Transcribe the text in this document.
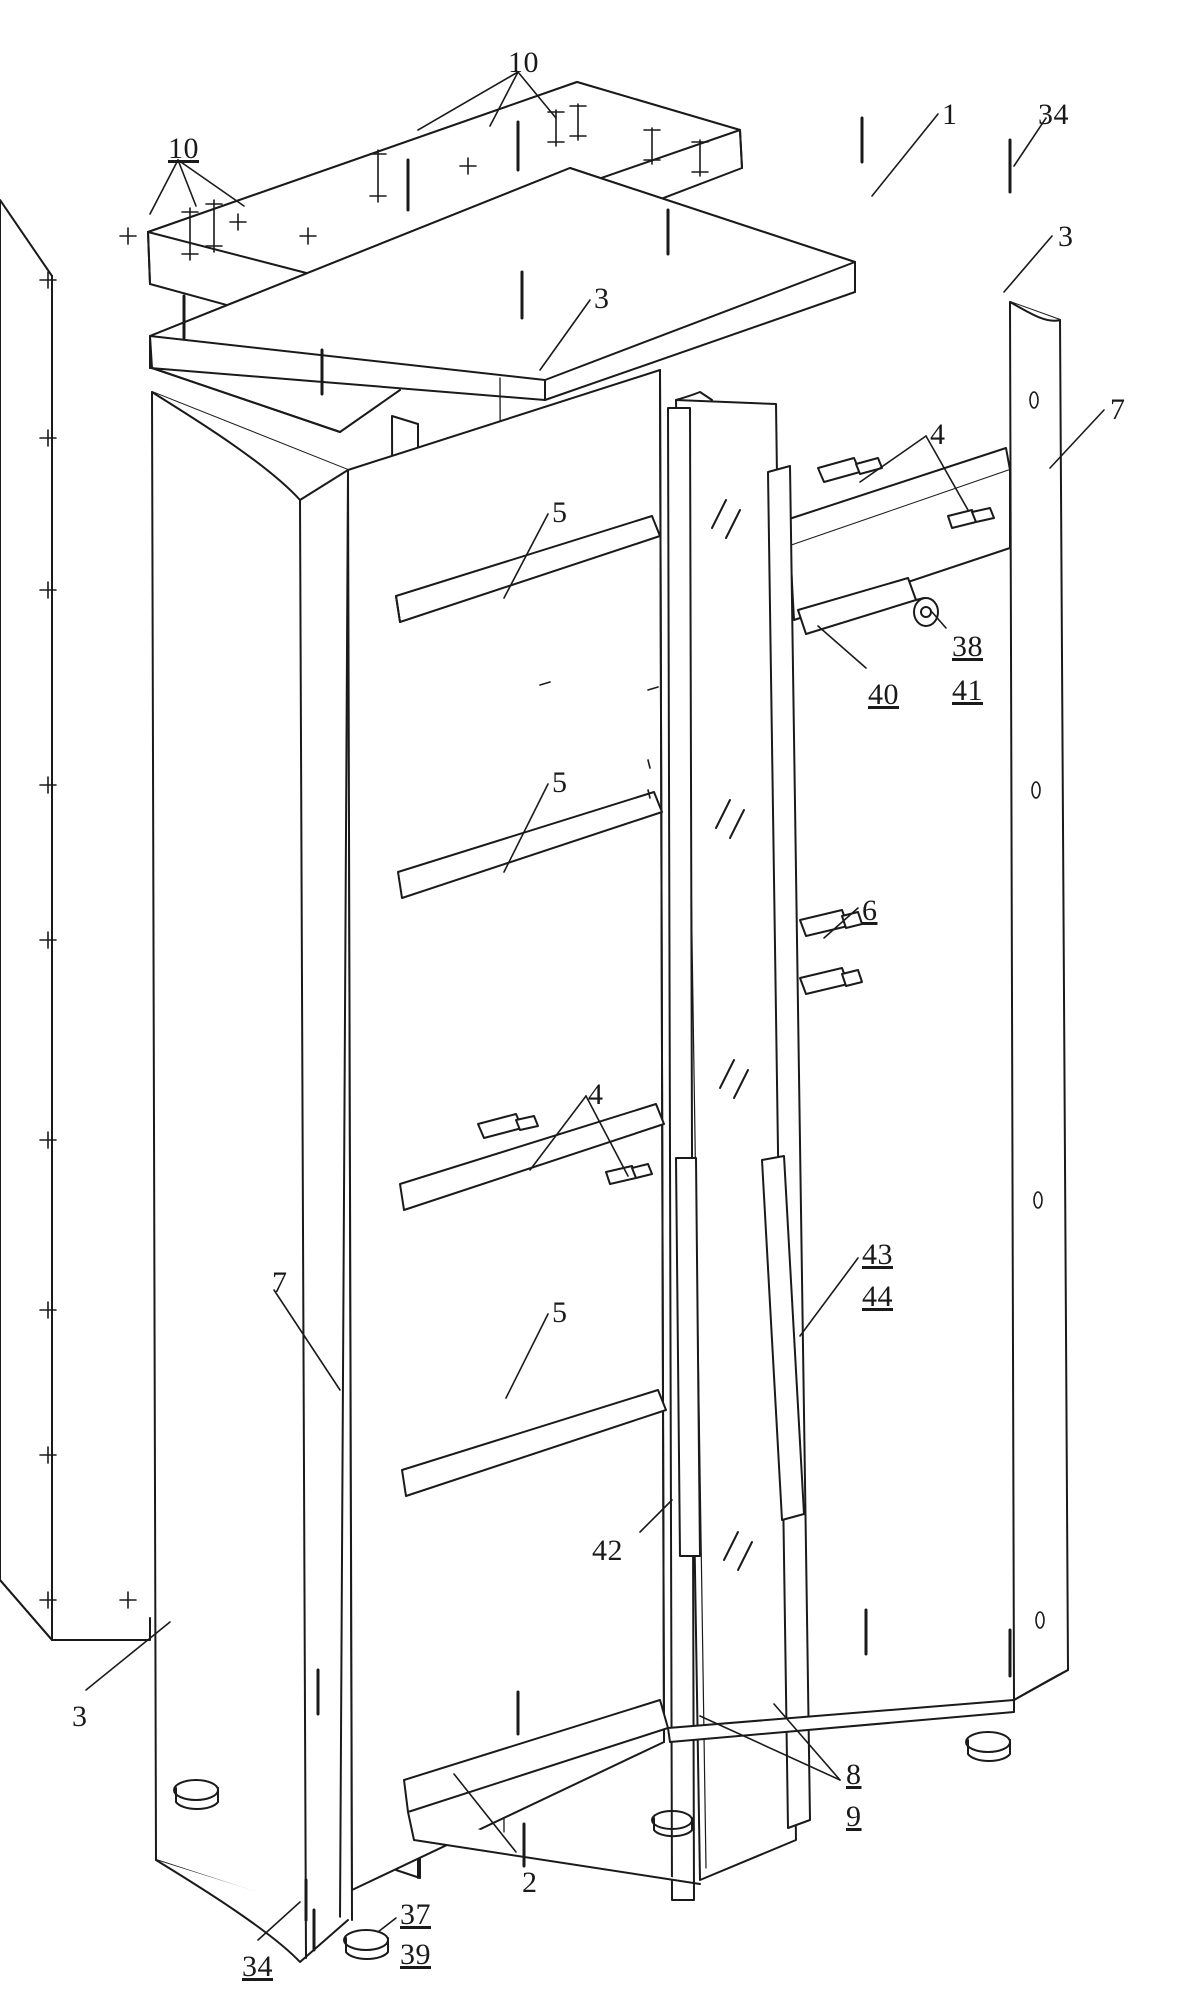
10
10
1	34
3
3
7
4
5
38
41
40
5
6
4
43
44
7
5
42
3
8
9
2
37
39
34
